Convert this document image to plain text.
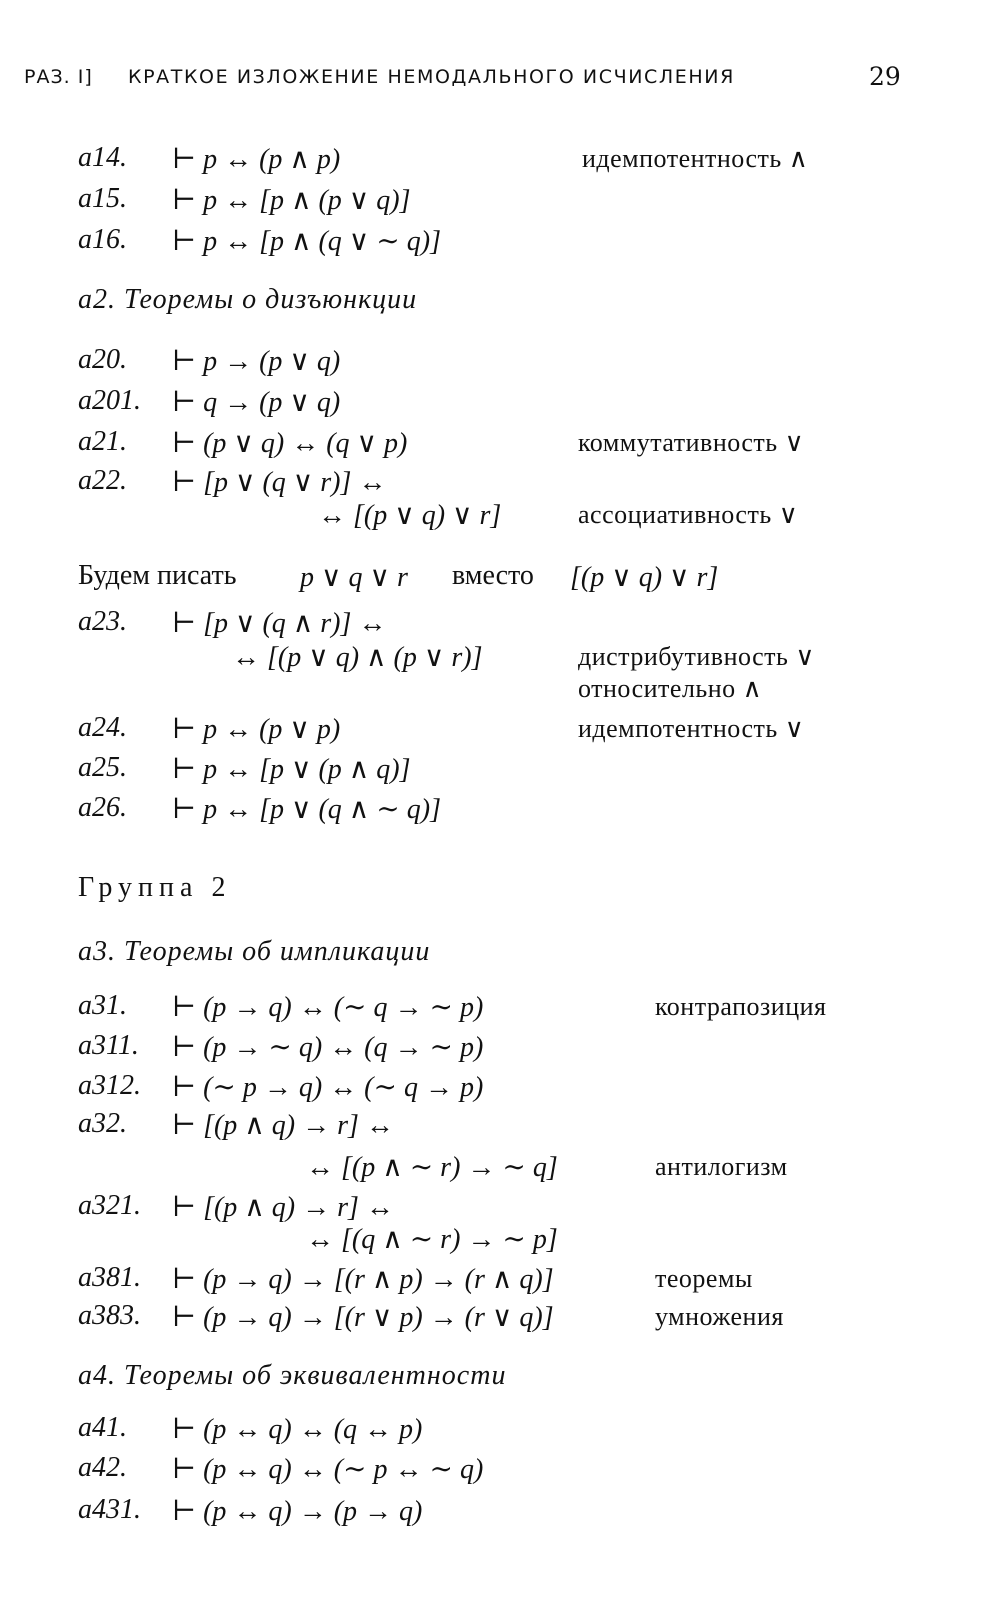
РАЗ. I] КРАТКОЕ ИЗЛОЖЕНИЕ НЕМОДАЛЬНОГО ИСЧИСЛЕНИЯ	29
a14. ⊢ p ↔ (p ∧ p)	идемпотентность ∧
a15. ⊢ p ↔ [p ∧ (p ∨ q)]
a16. ⊢ p ↔ [p ∧ (q ∨ ∼ q)]
a2. Теоремы о дизъюнкции
a20. ⊢ p → (p ∨ q)
a201. ⊢ q → (p ∨ q)
a21. ⊢ (p ∨ q) ↔ (q ∨ p)	коммутативность ∨
a22. ⊢ [p ∨ (q ∨ r)] ↔
↔ [(p ∨ q) ∨ r]	ассоциативность ∨
Будем писать p ∨ q ∨ r вместо [(p ∨ q) ∨ r]
a23. ⊢ [p ∨ (q ∧ r)] ↔
↔ [(p ∨ q) ∧ (p ∨ r)]	дистрибутивность ∨
относительно ∧
a24. ⊢ p ↔ (p ∨ p)	идемпотентность ∨
a25. ⊢ p ↔ [p ∨ (p ∧ q)]
a26. ⊢ p ↔ [p ∨ (q ∧ ∼ q)]
Группа 2
a3. Теоремы об импликации
a31. ⊢ (p → q) ↔ (∼ q → ∼ p)	контрапозиция
a311. ⊢ (p → ∼ q) ↔ (q → ∼ p)
a312. ⊢ (∼ p → q) ↔ (∼ q → p)
a32. ⊢ [(p ∧ q) → r] ↔
↔ [(p ∧ ∼ r) → ∼ q]	антилогизм
a321. ⊢ [(p ∧ q) → r] ↔
↔ [(q ∧ ∼ r) → ∼ p]
a381. ⊢ (p → q) → [(r ∧ p) → (r ∧ q)]	теоремы
a383. ⊢ (p → q) → [(r ∨ p) → (r ∨ q)]	умножения
a4. Теоремы об эквивалентности
a41. ⊢ (p ↔ q) ↔ (q ↔ p)
a42. ⊢ (p ↔ q) ↔ (∼ p ↔ ∼ q)
a431. ⊢ (p ↔ q) → (p → q)
